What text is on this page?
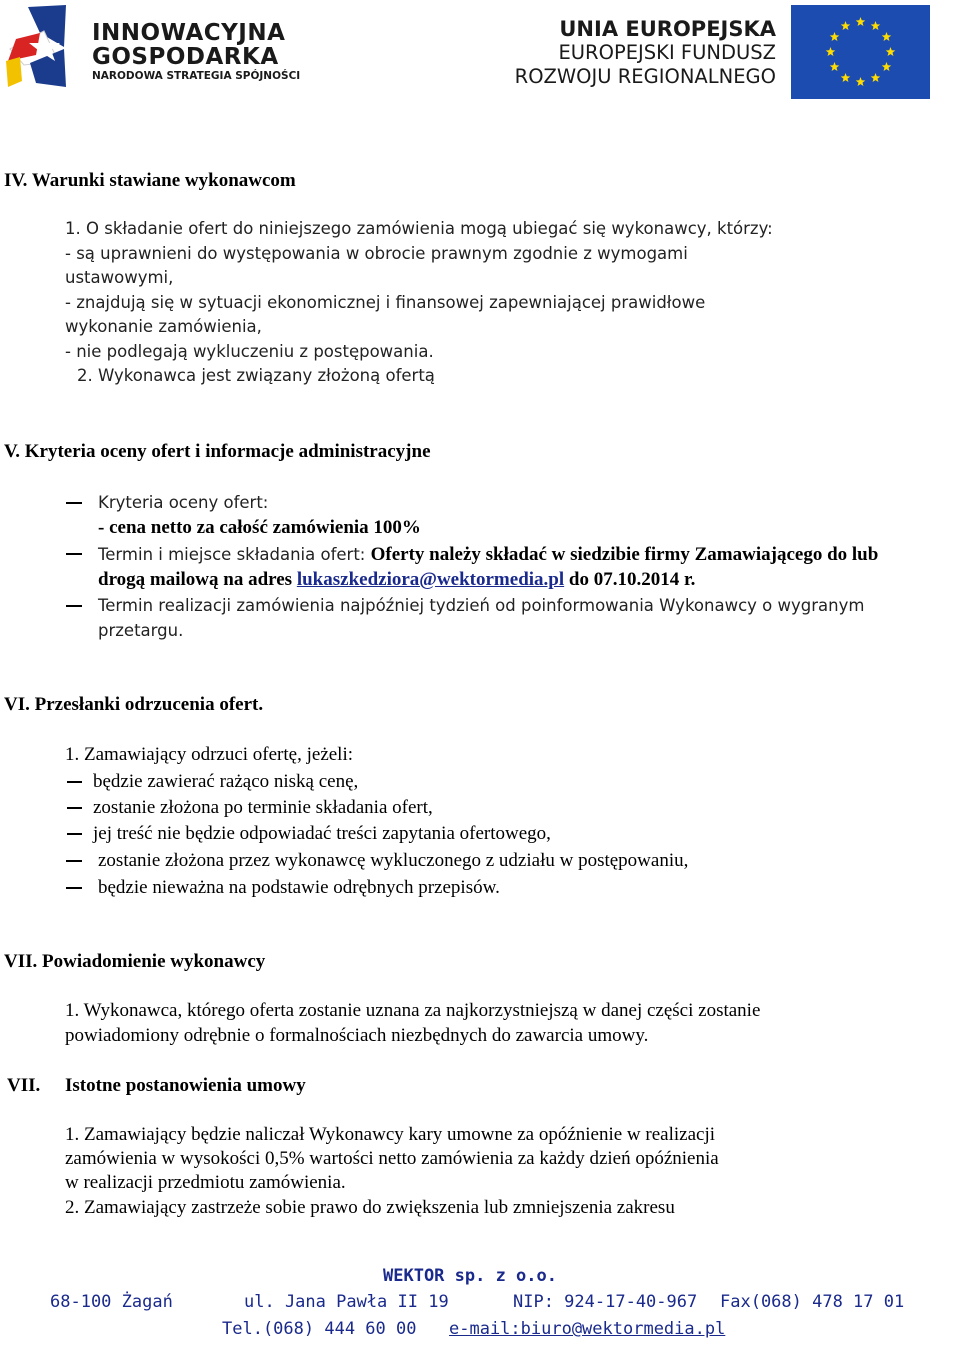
INNOWACYJNA
GOSPODARKA
NARODOWA STRATEGIA SPÓJNOŚCI
UNIA EUROPEJSKA
EUROPEJSKI FUNDUSZ
ROZWOJU REGIONALNEGO
IV. Warunki stawiane wykonawcom
1. O składanie ofert do niniejszego zamówienia mogą ubiegać się wykonawcy, którzy:
- są uprawnieni do występowania w obrocie prawnym zgodnie z wymogami
ustawowymi,
- znajdują się w sytuacji ekonomicznej i finansowej zapewniającej prawidłowe
wykonanie zamówienia,
- nie podlegają wykluczeniu z postępowania.
2. Wykonawca jest związany złożoną ofertą
V. Kryteria oceny ofert i informacje administracyjne
Kryteria oceny ofert:
- cena netto za całość zamówienia 100%
Termin i miejsce składania ofert: Oferty należy składać w siedzibie firmy Zamawiającego do lub
drogą mailową na adres lukaszkedziora@wektormedia.pl do 07.10.2014 r.
Termin realizacji zamówienia najpóźniej tydzień od poinformowania Wykonawcy o wygranym
przetargu.
VI. Przesłanki odrzucenia ofert.
1. Zamawiający odrzuci ofertę, jeżeli:
będzie zawierać rażąco niską cenę,
zostanie złożona po terminie składania ofert,
jej treść nie będzie odpowiadać treści zapytania ofertowego,
zostanie złożona przez wykonawcę wykluczonego z udziału w postępowaniu,
będzie nieważna na podstawie odrębnych przepisów.
VII. Powiadomienie wykonawcy
1. Wykonawca, którego oferta zostanie uznana za najkorzystniejszą w danej części zostanie
powiadomiony odrębnie o formalnościach niezbędnych do zawarcia umowy.
VII. Istotne postanowienia umowy
1. Zamawiający będzie naliczał Wykonawcy kary umowne za opóźnienie w realizacji
zamówienia w wysokości 0,5% wartości netto zamówienia za każdy dzień opóźnienia
w realizacji przedmiotu zamówienia.
2. Zamawiający zastrzeże sobie prawo do zwiększenia lub zmniejszenia zakresu
WEKTOR sp. z o.o.
68-100 Żagań	ul. Jana Pawła II 19	NIP: 924-17-40-967 Fax(068) 478 17 01
Tel.(068) 444 60 00 e-mail:biuro@wektormedia.pl
